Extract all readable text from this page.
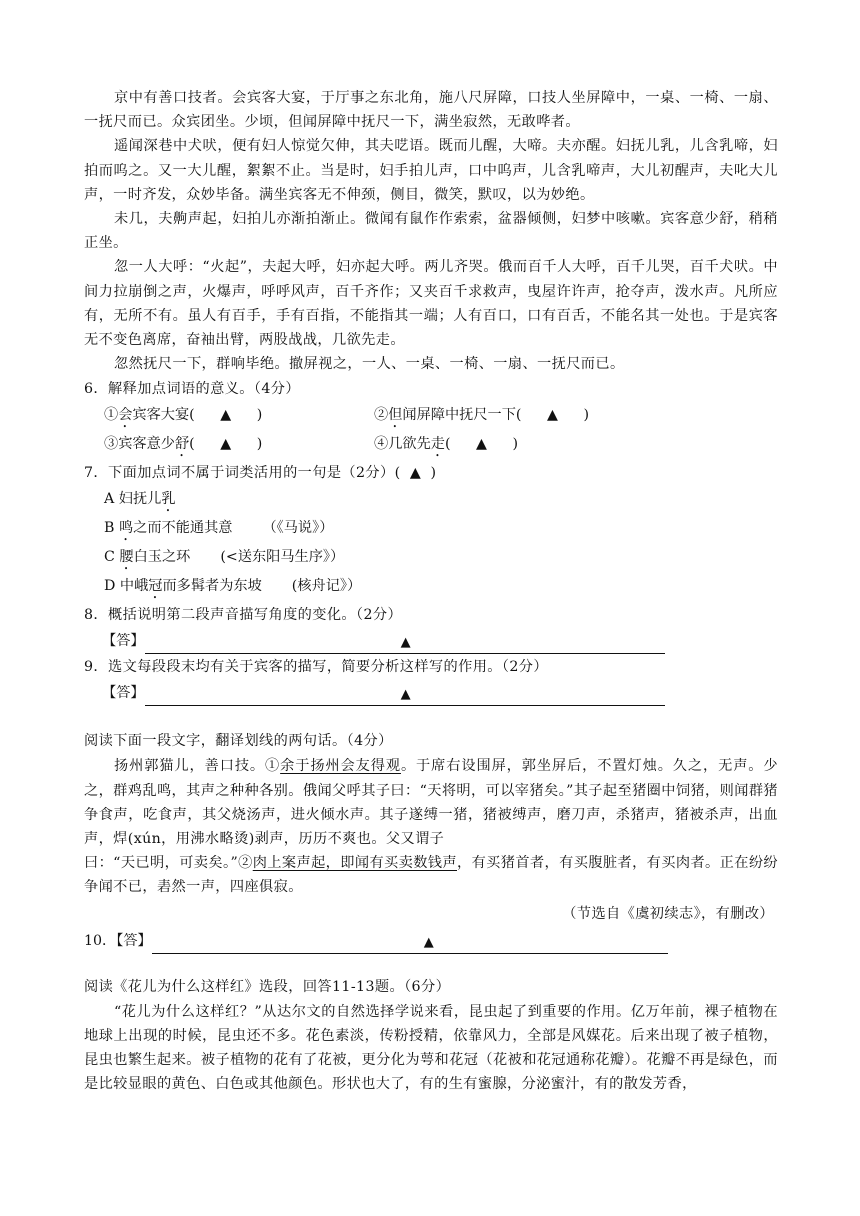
京中有善口技者。会宾客大宴，于厅事之东北角，施八尺屏障，口技人坐屏障中，一桌、一椅、一扇、一抚尺而已。众宾团坐。少顷，但闻屏障中抚尺一下，满坐寂然，无敢哗者。

遥闻深巷中犬吠，便有妇人惊觉欠伸，其夫呓语。既而儿醒，大啼。夫亦醒。妇抚儿乳，儿含乳啼，妇拍而呜之。又一大儿醒，絮絮不止。当是时，妇手拍儿声，口中呜声，儿含乳啼声，大儿初醒声，夫叱大儿声，一时齐发，众妙毕备。满坐宾客无不伸颈，侧目，微笑，默叹，以为妙绝。

未几，夫齁声起，妇拍儿亦渐拍渐止。微闻有鼠作作索索，盆器倾侧，妇梦中咳嗽。宾客意少舒，稍稍正坐。

忽一人大呼：“火起”，夫起大呼，妇亦起大呼。两儿齐哭。俄而百千人大呼，百千儿哭，百千犬吠。中间力拉崩倒之声，火爆声，呼呼风声，百千齐作；又夹百千求救声，曳屋许许声，抢夺声，泼水声。凡所应有，无所不有。虽人有百手，手有百指，不能指其一端；人有百口，口有百舌，不能名其一处也。于是宾客无不变色离席，奋袖出臂，两股战战，几欲先走。

忽然抚尺一下，群响毕绝。撤屏视之，一人、一桌、一椅、一扇、一抚尺而已。

6．解释加点词语的意义。（4分）

①会宾客大宴( ▲ )	②但闻屏障中抚尺一下( ▲ )
③宾客意少舒( ▲ )	④几欲先走( ▲ )

7．下面加点词不属于词类活用的一句是（2分）( ▲ )

A 妇抚儿乳
B 鸣之而不能通其意 （《马说》）
C 腰白玉之环 (<送东阳马生序》）
D 中峨冠而多髯者为东坡 (核舟记》）

8．概括说明第二段声音描写角度的变化。（2分）

【答】	▲

9．选文每段段末均有关于宾客的描写，简要分析这样写的作用。（2分）

【答】	▲

阅读下面一段文字，翻译划线的两句话。（4分）

扬州郭猫儿，善口技。①余于扬州会友得观。于席右设围屏，郭坐屏后，不置灯烛。久之，无声。少之，群鸡乱鸣，其声之种种各别。俄闻父呼其子曰：“天将明，可以宰猪矣。”其子起至猪圈中饲猪，则闻群猪争食声，吃食声，其父烧汤声，进火倾水声。其子遂缚一猪，猪被缚声，磨刀声，杀猪声，猪被杀声，出血声，焊(xún，用沸水略烫)剥声，历历不爽也。父又谓子

曰：“天已明，可卖矣。”②肉上案声起，即闻有买卖数钱声，有买猪首者，有买腹脏者，有买肉者。正在纷纷争闻不已，砉然一声，四座俱寂。

（节选自《虞初续志》，有删改）

10．【答】	▲

阅读《花儿为什么这样红》选段，回答11-13题。（6分）

“花儿为什么这样红？”从达尔文的自然选择学说来看，昆虫起了到重要的作用。亿万年前，裸子植物在地球上出现的时候，昆虫还不多。花色素淡，传粉授精，依靠风力，全部是风媒花。后来出现了被子植物，昆虫也繁生起来。被子植物的花有了花被，更分化为萼和花冠（花被和花冠通称花瓣）。花瓣不再是绿色，而是比较显眼的黄色、白色或其他颜色。形状也大了，有的生有蜜腺，分泌蜜汁，有的散发芳香，
